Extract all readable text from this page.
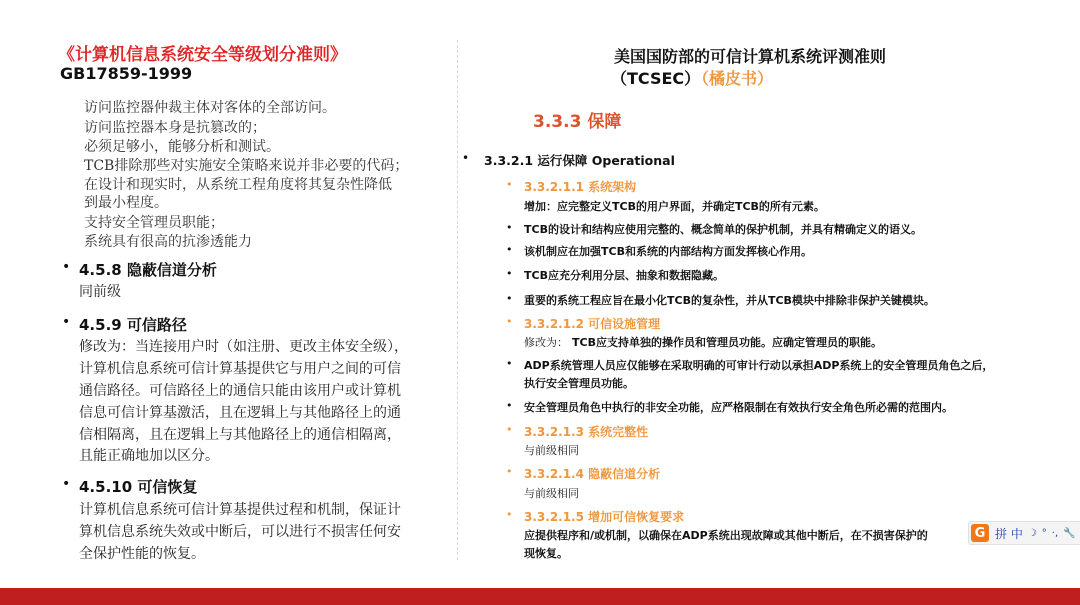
《计算机信息系统安全等级划分准则》
GB17859-1999
访问监控器仲裁主体对客体的全部访问。
访问监控器本身是抗篡改的；
必须足够小，能够分析和测试。
TCB排除那些对实施安全策略来说并非必要的代码；
在设计和现实时，从系统工程角度将其复杂性降低
到最小程度。
支持安全管理员职能；
系统具有很高的抗渗透能力
• 4.5.8 隐蔽信道分析
同前级
• 4.5.9 可信路径
修改为：当连接用户时（如注册、更改主体安全级），
计算机信息系统可信计算基提供它与用户之间的可信
通信路径。可信路径上的通信只能由该用户或计算机
信息可信计算基激活，且在逻辑上与其他路径上的通
信相隔离，且在逻辑上与其他路径上的通信相隔离，
且能正确地加以区分。
• 4.5.10 可信恢复
计算机信息系统可信计算基提供过程和机制，保证计
算机信息系统失效或中断后，可以进行不损害任何安
全保护性能的恢复。
美国国防部的可信计算机系统评测准则
（TCSEC）
（橘皮书）
3.3.3 保障
• 3.3.2.1 运行保障 Operational
• 3.3.2.1.1 系统架构
增加：应完整定义TCB的用户界面，并确定TCB的所有元素。
• TCB的设计和结构应使用完整的、概念简单的保护机制，并具有精确定义的语义。
• 该机制应在加强TCB和系统的内部结构方面发挥核心作用。
• TCB应充分利用分层、抽象和数据隐藏。
• 重要的系统工程应旨在最小化TCB的复杂性，并从TCB模块中排除非保护关键模块。
• 3.3.2.1.2 可信设施管理
修改为： TCB应支持单独的操作员和管理员功能。应确定管理员的职能。
• ADP系统管理人员应仅能够在采取明确的可审计行动以承担ADP系统上的安全管理员角色之后，
执行安全管理员功能。
• 安全管理员角色中执行的非安全功能，应严格限制在有效执行安全角色所必需的范围内。
• 3.3.2.1.3 系统完整性
与前级相同
• 3.3.2.1.4 隐蔽信道分析
与前级相同
• 3.3.2.1.5 增加可信恢复要求
应提供程序和/或机制，以确保在ADP系统出现故障或其他中断后，在不损害保护的
现恢复。
G 拼 中 ☽ ° ·, 🔧
